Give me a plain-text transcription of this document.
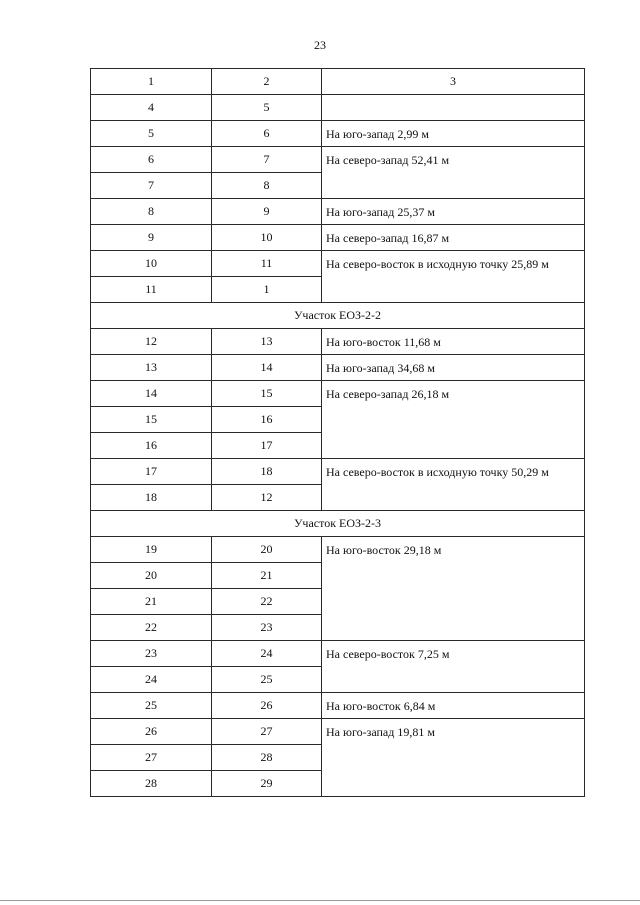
23
1	2	3
4	5	
5	6	На юго-запад 2,99 м
6	7	На северо-запад 52,41 м
7	8	
8	9	На юго-запад 25,37 м
9	10	На северо-запад 16,87 м
10	11	На северо-восток в исходную точку 25,89 м
11	1	
Участок ЕОЗ-2-2		
12	13	На юго-восток 11,68 м
13	14	На юго-запад 34,68 м
14	15	На северо-запад 26,18 м
15	16	
16	17	
17	18	На северо-восток в исходную точку 50,29 м
18	12	
Участок ЕОЗ-2-3		
19	20	На юго-восток 29,18 м
20	21	
21	22	
22	23	
23	24	На северо-восток 7,25 м
24	25	
25	26	На юго-восток 6,84 м
26	27	На юго-запад 19,81 м
27	28	
28	29	
